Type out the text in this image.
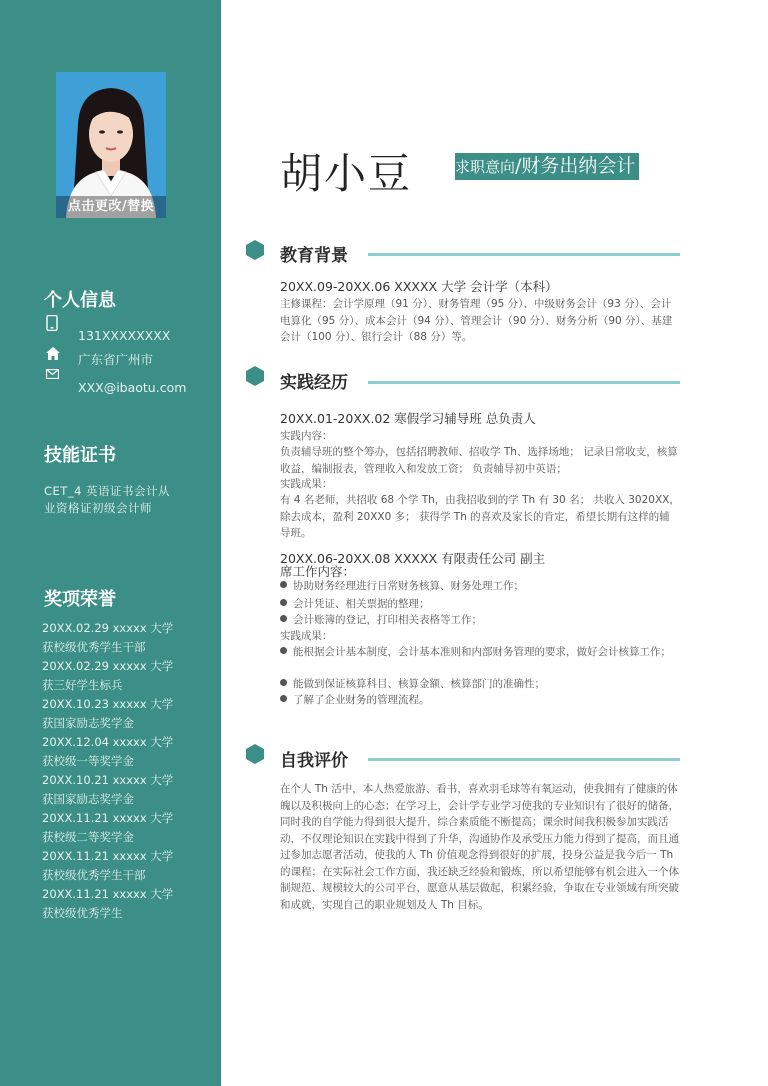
点击更改/替换
个人信息
131XXXXXXXX
广东省广州市
XXX@ibaotu.com
技能证书
CET_4 英语证书会计从业资格证初级会计师
奖项荣誉
20XX.02.29 xxxxx 大学
获校级优秀学生干部
20XX.02.29 xxxxx 大学
获三好学生标兵
20XX.10.23 xxxxx 大学
获国家励志奖学金
20XX.12.04 xxxxx 大学
获校级一等奖学金
20XX.10.21 xxxxx 大学
获国家励志奖学金
20XX.11.21 xxxxx 大学
获校级二等奖学金
20XX.11.21 xxxxx 大学
获校级优秀学生干部
20XX.11.21 xxxxx 大学
获校级优秀学生
胡小豆	求职意向/财务出纳会计
教育背景
20XX.09-20XX.06 XXXXX 大学 会计学（本科）
主修课程：会计学原理（91 分）、财务管理（95 分）、中级财务会计（93 分）、会计电算化（95 分）、成本会计（94 分）、管理会计（90 分）、财务分析（90 分）、基建会计（100 分）、银行会计（88 分）等。
实践经历
20XX.01-20XX.02 寒假学习辅导班 总负责人
实践内容：
负责辅导班的整个筹办，包括招聘教师、招收学 Th、选择场地； 记录日常收支，核算收益，编制报表，管理收入和发放工资； 负责辅导初中英语；
实践成果：
有 4 名老师，共招收 68 个学 Th，由我招收到的学 Th 有 30 名； 共收入 3020XX，除去成本，盈利 20XX0 多； 获得学 Th 的喜欢及家长的肯定，希望长期有这样的辅导班。
20XX.06-20XX.08 XXXXX 有限责任公司 副主
席工作内容：
协助财务经理进行日常财务核算、财务处理工作；
会计凭证、相关票据的整理；
会计账簿的登记，打印相关表格等工作；
实践成果：
能根据会计基本制度，会计基本准则和内部财务管理的要求，做好会计核算工作；
能做到保证核算科目、核算金额、核算部门的准确性；
了解了企业财务的管理流程。
自我评价
在个人 Th 活中，本人热爱旅游、看书，喜欢羽毛球等有氧运动，使我拥有了健康的体魄以及积极向上的心态；在学习上，会计学专业学习使我的专业知识有了很好的储备，同时我的自学能力得到很大提升，综合素质能不断提高；课余时间我积极参加实践活动，不仅理论知识在实践中得到了升华，沟通协作及承受压力能力得到了提高，而且通过参加志愿者活动，使我的人 Th 价值观念得到很好的扩展，投身公益是我今后一 Th 的课程；在实际社会工作方面，我还缺乏经验和锻炼，所以希望能够有机会进入一个体制规范、规模较大的公司平台，愿意从基层做起，积累经验，争取在专业领域有所突破和成就，实现自己的职业规划及人 Th 目标。
